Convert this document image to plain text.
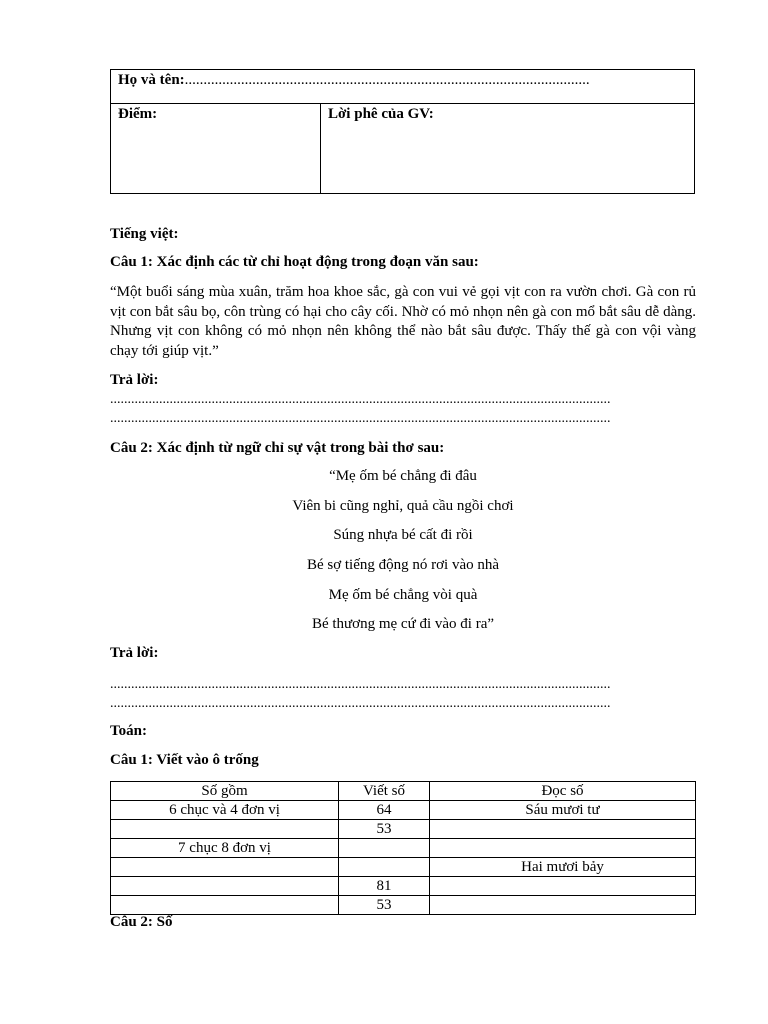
Họ và tên:............................................................................................................
Điểm:	Lời phê của GV:
Tiếng việt:
Câu 1: Xác định các từ chỉ hoạt động trong đoạn văn sau:
“Một buổi sáng mùa xuân, trăm hoa khoe sắc, gà con vui vẻ gọi vịt con ra vườn chơi. Gà con rủ vịt con bắt sâu bọ, côn trùng có hại cho cây cối. Nhờ có mỏ nhọn nên gà con mổ bắt sâu dễ dàng. Nhưng vịt con không có mỏ nhọn nên không thể nào bắt sâu được. Thấy thế gà con vội vàng chạy tới giúp vịt.”
Trả lời:
...............................................................................................................................................
...............................................................................................................................................
Câu 2: Xác định từ ngữ chỉ sự vật trong bài thơ sau:
“Mẹ ốm bé chẳng đi đâu
Viên bi cũng nghỉ, quả cầu ngồi chơi
Súng nhựa bé cất đi rồi
Bé sợ tiếng động nó rơi vào nhà
Mẹ ốm bé chẳng vòi quà
Bé thương mẹ cứ đi vào đi ra”
Trả lời:
...............................................................................................................................................
...............................................................................................................................................
Toán:
Câu 1: Viết vào ô trống
Số gồm	Viết số	Đọc số
6 chục và 4 đơn vị	64	Sáu mươi tư
	53	
7 chục 8 đơn vị		
		Hai mươi bảy
	81	
	53	
Câu 2: Số
